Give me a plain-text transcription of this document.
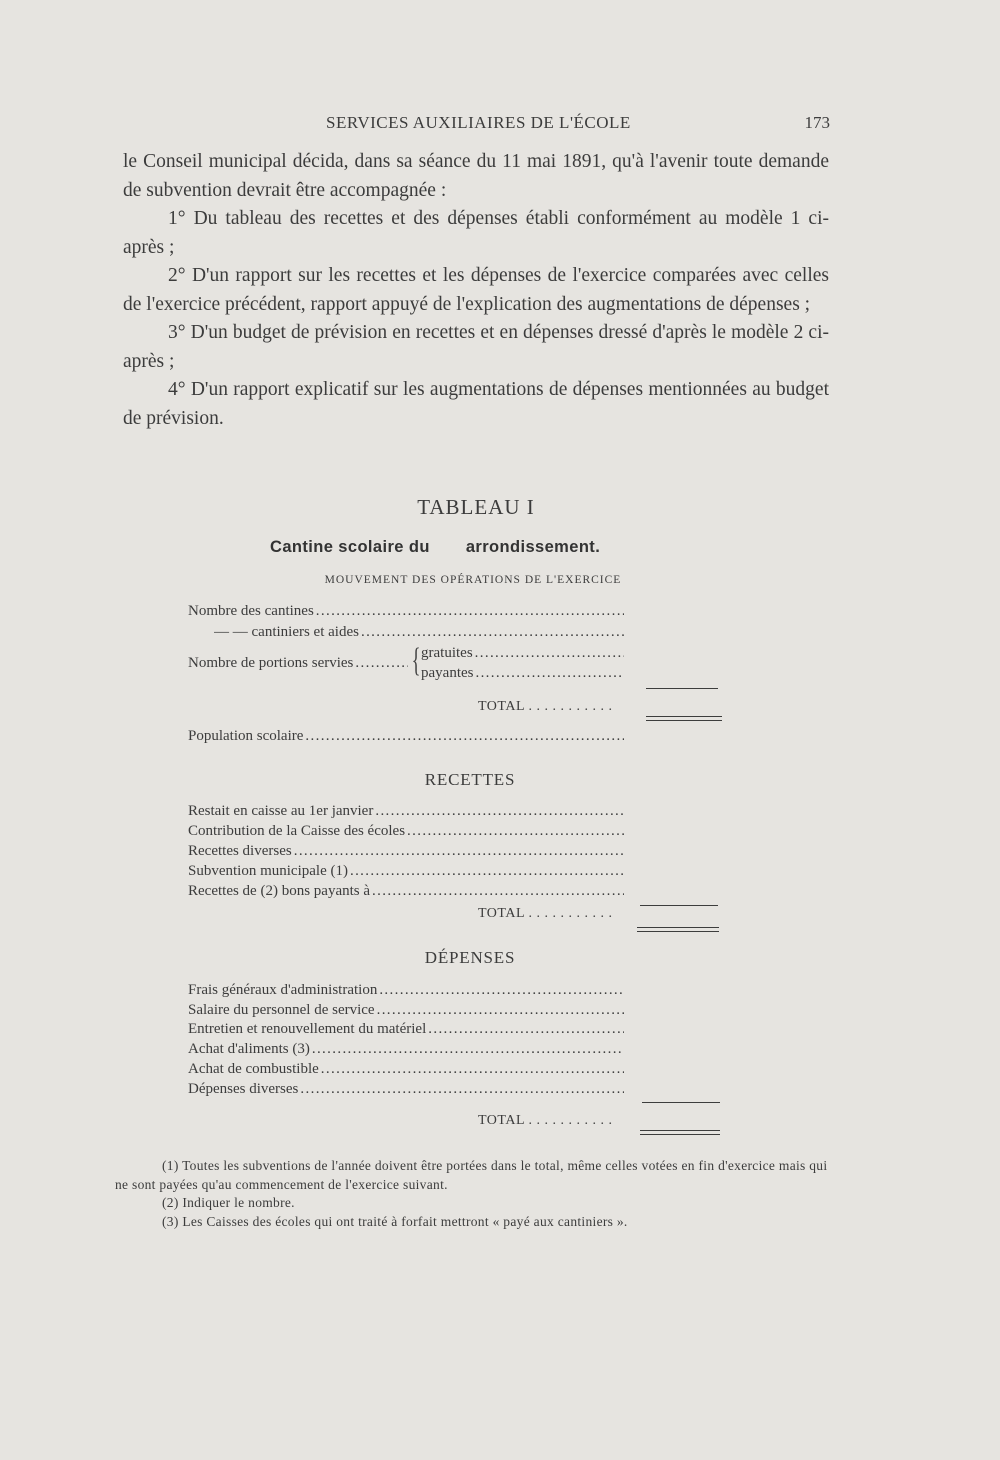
SERVICES AUXILIAIRES DE L'ÉCOLE	173

le Conseil municipal décida, dans sa séance du 11 mai 1891, qu'à l'avenir toute demande de subvention devrait être accompagnée :

1° Du tableau des recettes et des dépenses établi conformément au modèle 1 ci-après ;

2° D'un rapport sur les recettes et les dépenses de l'exercice comparées avec celles de l'exercice précédent, rapport appuyé de l'explication des augmentations de dépenses ;

3° D'un budget de prévision en recettes et en dépenses dressé d'après le modèle 2 ci-après ;

4° D'un rapport explicatif sur les augmentations de dépenses mentionnées au budget de prévision.

TABLEAU I
Cantine scolaire du arrondissement.
MOUVEMENT DES OPÉRATIONS DE L'EXERCICE
Nombre des cantines
. . .
— — cantiniers et aides
. . .
Nombre de portions servies
. . . { gratuites
. . .
payantes
. . .
TOTAL . . . . . . . . . . .
Population scolaire
. . .
RECETTES
Restait en caisse au 1er janvier
. . .
Contribution de la Caisse des écoles
. . .
Recettes diverses
. . .
Subvention municipale (1)
. . .
Recettes de (2) bons payants à
. . .
TOTAL . . . . . . . . . . .
DÉPENSES
Frais généraux d'administration
. . .
Salaire du personnel de service
. . .
Entretien et renouvellement du matériel
. . .
Achat d'aliments (3)
. . .
Achat de combustible
. . .
Dépenses diverses
. . .
TOTAL . . . . . . . . . . .

(1) Toutes les subventions de l'année doivent être portées dans le total, même celles votées en fin d'exercice mais qui ne sont payées qu'au commencement de l'exercice suivant.

(2) Indiquer le nombre.

(3) Les Caisses des écoles qui ont traité à forfait mettront « payé aux cantiniers ».
